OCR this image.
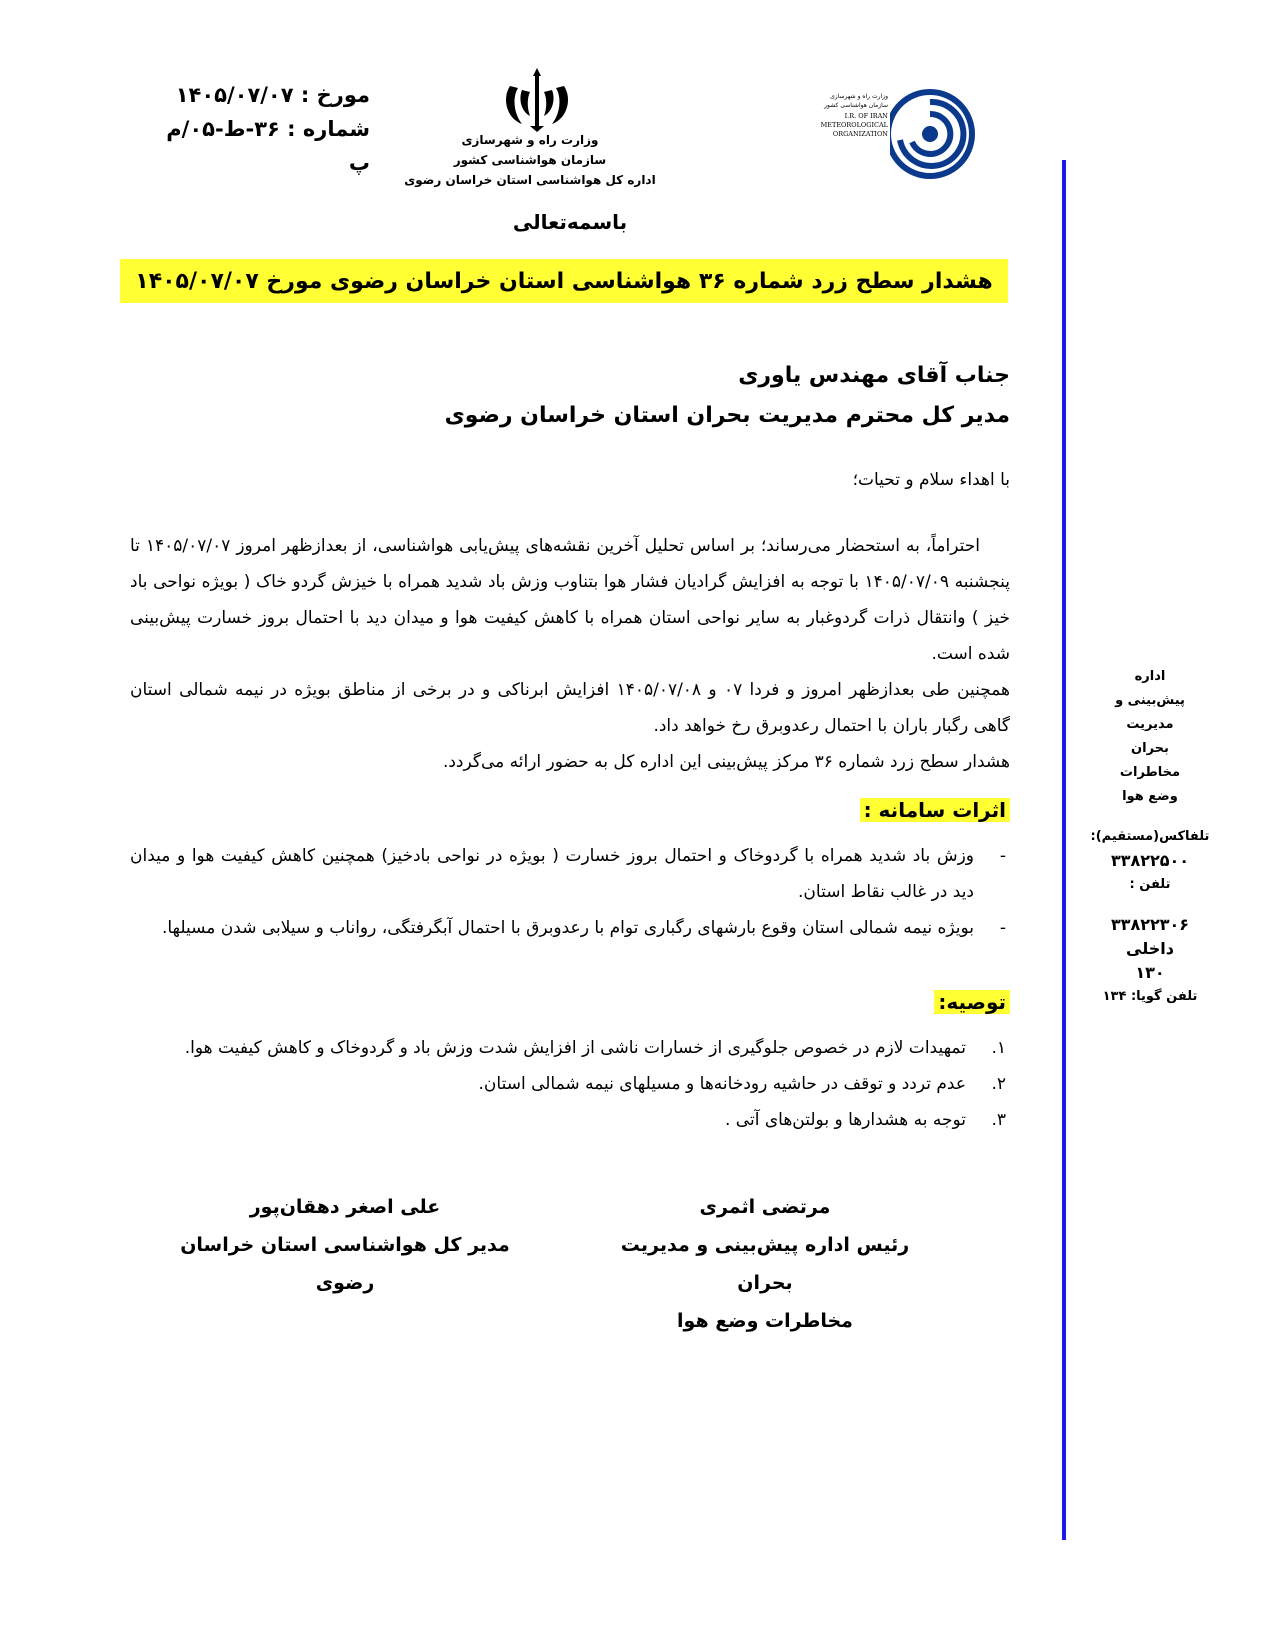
مورخ : ۱۴۰۵/۰۷/۰۷
شماره : ۳۶-ط-۰۵/م پ
وزارت راه و شهرسازی
سازمان هواشناسی کشور
اداره کل هواشناسی استان خراسان رضوی
وزارت راه و شهرسازی
سازمان هواشناسی کشور
I.R. OF IRAN
METEOROLOGICAL
ORGANIZATION
باسمه‌تعالی
هشدار سطح زرد شماره ۳۶ هواشناسی استان خراسان رضوی مورخ ۱۴۰۵/۰۷/۰۷
جناب آقای مهندس یاوری
مدیر کل محترم مدیریت بحران استان خراسان رضوی
با اهداء سلام و تحیات؛

احتراماً، به استحضار می‌رساند؛ بر اساس تحلیل آخرین نقشه‌های پیش‌یابی هواشناسی، از بعدازظهر امروز ۱۴۰۵/۰۷/۰۷ تا پنجشنبه ۱۴۰۵/۰۷/۰۹ با توجه به افزایش گرادیان فشار هوا بتناوب وزش باد شدید همراه با خیزش گردو خاک ( بویژه نواحی باد خیز ) وانتقال ذرات گردوغبار به سایر نواحی استان همراه با کاهش کیفیت هوا و میدان دید با احتمال بروز خسارت پیش‌بینی شده است.

همچنین طی بعدازظهر امروز و فردا ۰۷ و ۱۴۰۵/۰۷/۰۸ افزایش ابرناکی و در برخی از مناطق بویژه در نیمه شمالی استان گاهی رگبار باران با احتمال رعدوبرق رخ خواهد داد.

هشدار سطح زرد شماره ۳۶ مرکز پیش‌بینی این اداره کل به حضور ارائه می‌گردد.

اثرات سامانه :
-
وزش باد شدید همراه با گردوخاک و احتمال بروز خسارت ( بویژه در نواحی بادخیز) همچنین کاهش کیفیت هوا و میدان دید در غالب نقاط استان.
-
بویژه نیمه شمالی استان وقوع بارشهای رگباری توام با رعدوبرق با احتمال آبگرفتگی، رواناب و سیلابی شدن مسیلها.
توصیه:
۱.
تمهیدات لازم در خصوص جلوگیری از خسارات ناشی از افزایش شدت وزش باد و گردوخاک و کاهش کیفیت هوا.
۲.
عدم تردد و توقف در حاشیه رودخانه‌ها و مسیلهای نیمه شمالی استان.
۳.
توجه به هشدارها و بولتن‌های آتی .
مرتضی اثمری
رئیس اداره پیش‌بینی و مدیریت بحران
مخاطرات وضع هوا
علی اصغر دهقان‌پور
مدیر کل هواشناسی استان خراسان رضوی
اداره
پیش‌بینی و
مدیریت
بحران
مخاطرات
وضع هوا
تلفاکس(مستقیم):
۳۳۸۲۲۵۰۰
تلفن :
۳۳۸۲۲۳۰۶
داخلی
۱۳۰
تلفن گویا: ۱۳۴
